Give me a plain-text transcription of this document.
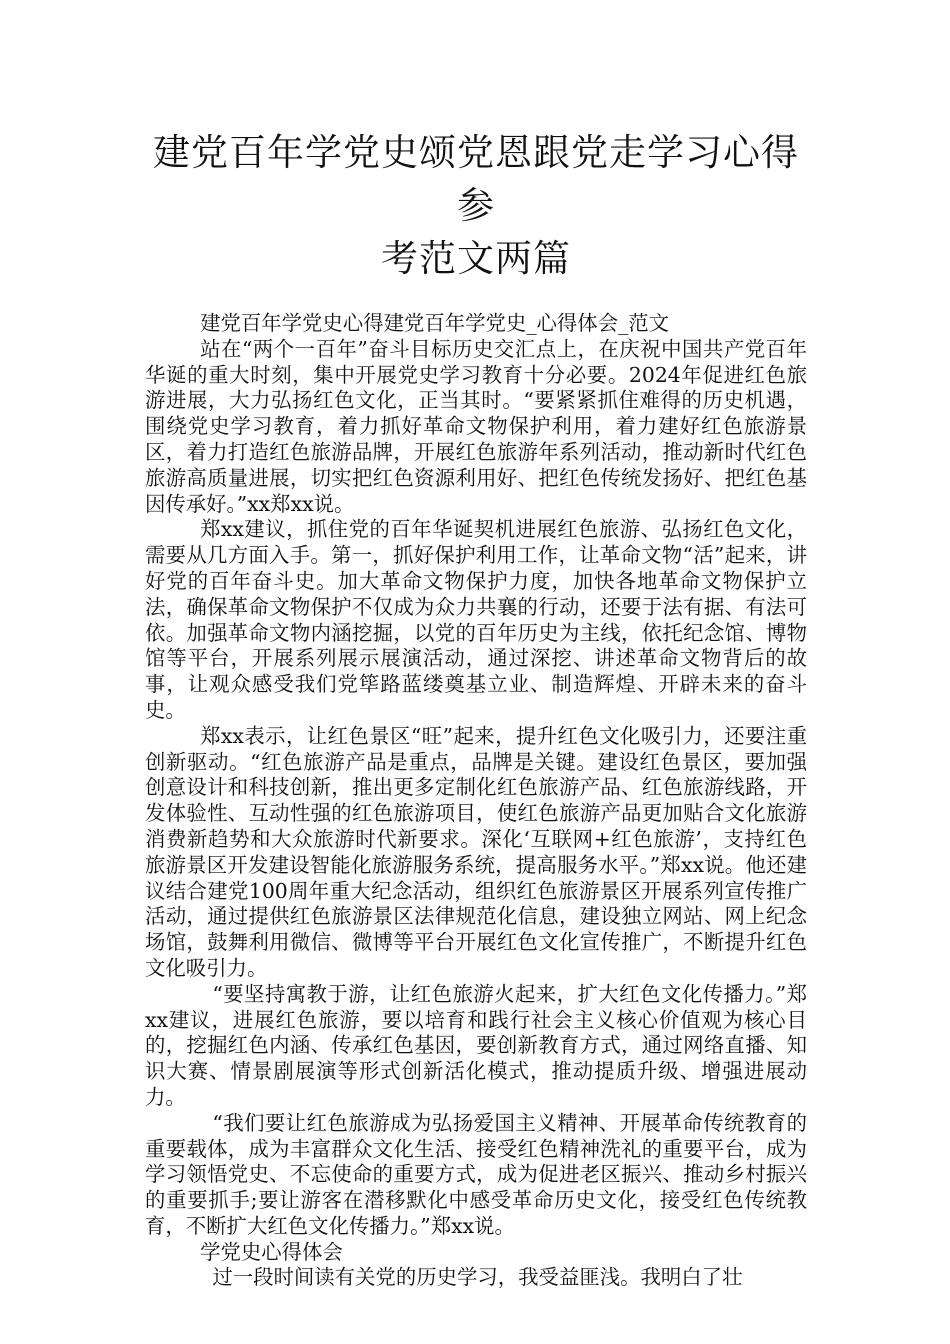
建党百年学党史颂党恩跟党走学习心得参
考范文两篇

建党百年学党史心得建党百年学党史_心得体会_范文

站在“两个一百年”奋斗目标历史交汇点上，在庆祝中国共产党百年华诞的重大时刻，集中开展党史学习教育十分必要。2024年促进红色旅游进展，大力弘扬红色文化，正当其时。“要紧紧抓住难得的历史机遇，围绕党史学习教育，着力抓好革命文物保护利用，着力建好红色旅游景区，着力打造红色旅游品牌，开展红色旅游年系列活动，推动新时代红色旅游高质量进展，切实把红色资源利用好、把红色传统发扬好、把红色基因传承好。”xx郑xx说。

郑xx建议，抓住党的百年华诞契机进展红色旅游、弘扬红色文化，需要从几方面入手。第一，抓好保护利用工作，让革命文物“活”起来，讲好党的百年奋斗史。加大革命文物保护力度，加快各地革命文物保护立法，确保革命文物保护不仅成为众力共襄的行动，还要于法有据、有法可依。加强革命文物内涵挖掘，以党的百年历史为主线，依托纪念馆、博物馆等平台，开展系列展示展演活动，通过深挖、讲述革命文物背后的故事，让观众感受我们党筚路蓝缕奠基立业、制造辉煌、开辟未来的奋斗史。

郑xx表示，让红色景区“旺”起来，提升红色文化吸引力，还要注重创新驱动。“红色旅游产品是重点，品牌是关键。建设红色景区，要加强创意设计和科技创新，推出更多定制化红色旅游产品、红色旅游线路，开发体验性、互动性强的红色旅游项目，使红色旅游产品更加贴合文化旅游消费新趋势和大众旅游时代新要求。深化‘互联网+红色旅游’，支持红色旅游景区开发建设智能化旅游服务系统，提高服务水平。”郑xx说。他还建议结合建党100周年重大纪念活动，组织红色旅游景区开展系列宣传推广活动，通过提供红色旅游景区法律规范化信息，建设独立网站、网上纪念场馆，鼓舞利用微信、微博等平台开展红色文化宣传推广，不断提升红色文化吸引力。

“要坚持寓教于游，让红色旅游火起来，扩大红色文化传播力。”郑xx建议，进展红色旅游，要以培育和践行社会主义核心价值观为核心目的，挖掘红色内涵、传承红色基因，要创新教育方式，通过网络直播、知识大赛、情景剧展演等形式创新活化模式，推动提质升级、增强进展动力。

“我们要让红色旅游成为弘扬爱国主义精神、开展革命传统教育的重要载体，成为丰富群众文化生活、接受红色精神洗礼的重要平台，成为学习领悟党史、不忘使命的重要方式，成为促进老区振兴、推动乡村振兴的重要抓手;要让游客在潜移默化中感受革命历史文化，接受红色传统教育，不断扩大红色文化传播力。”郑xx说。

学党史心得体会

过一段时间读有关党的历史学习，我受益匪浅。我明白了壮
